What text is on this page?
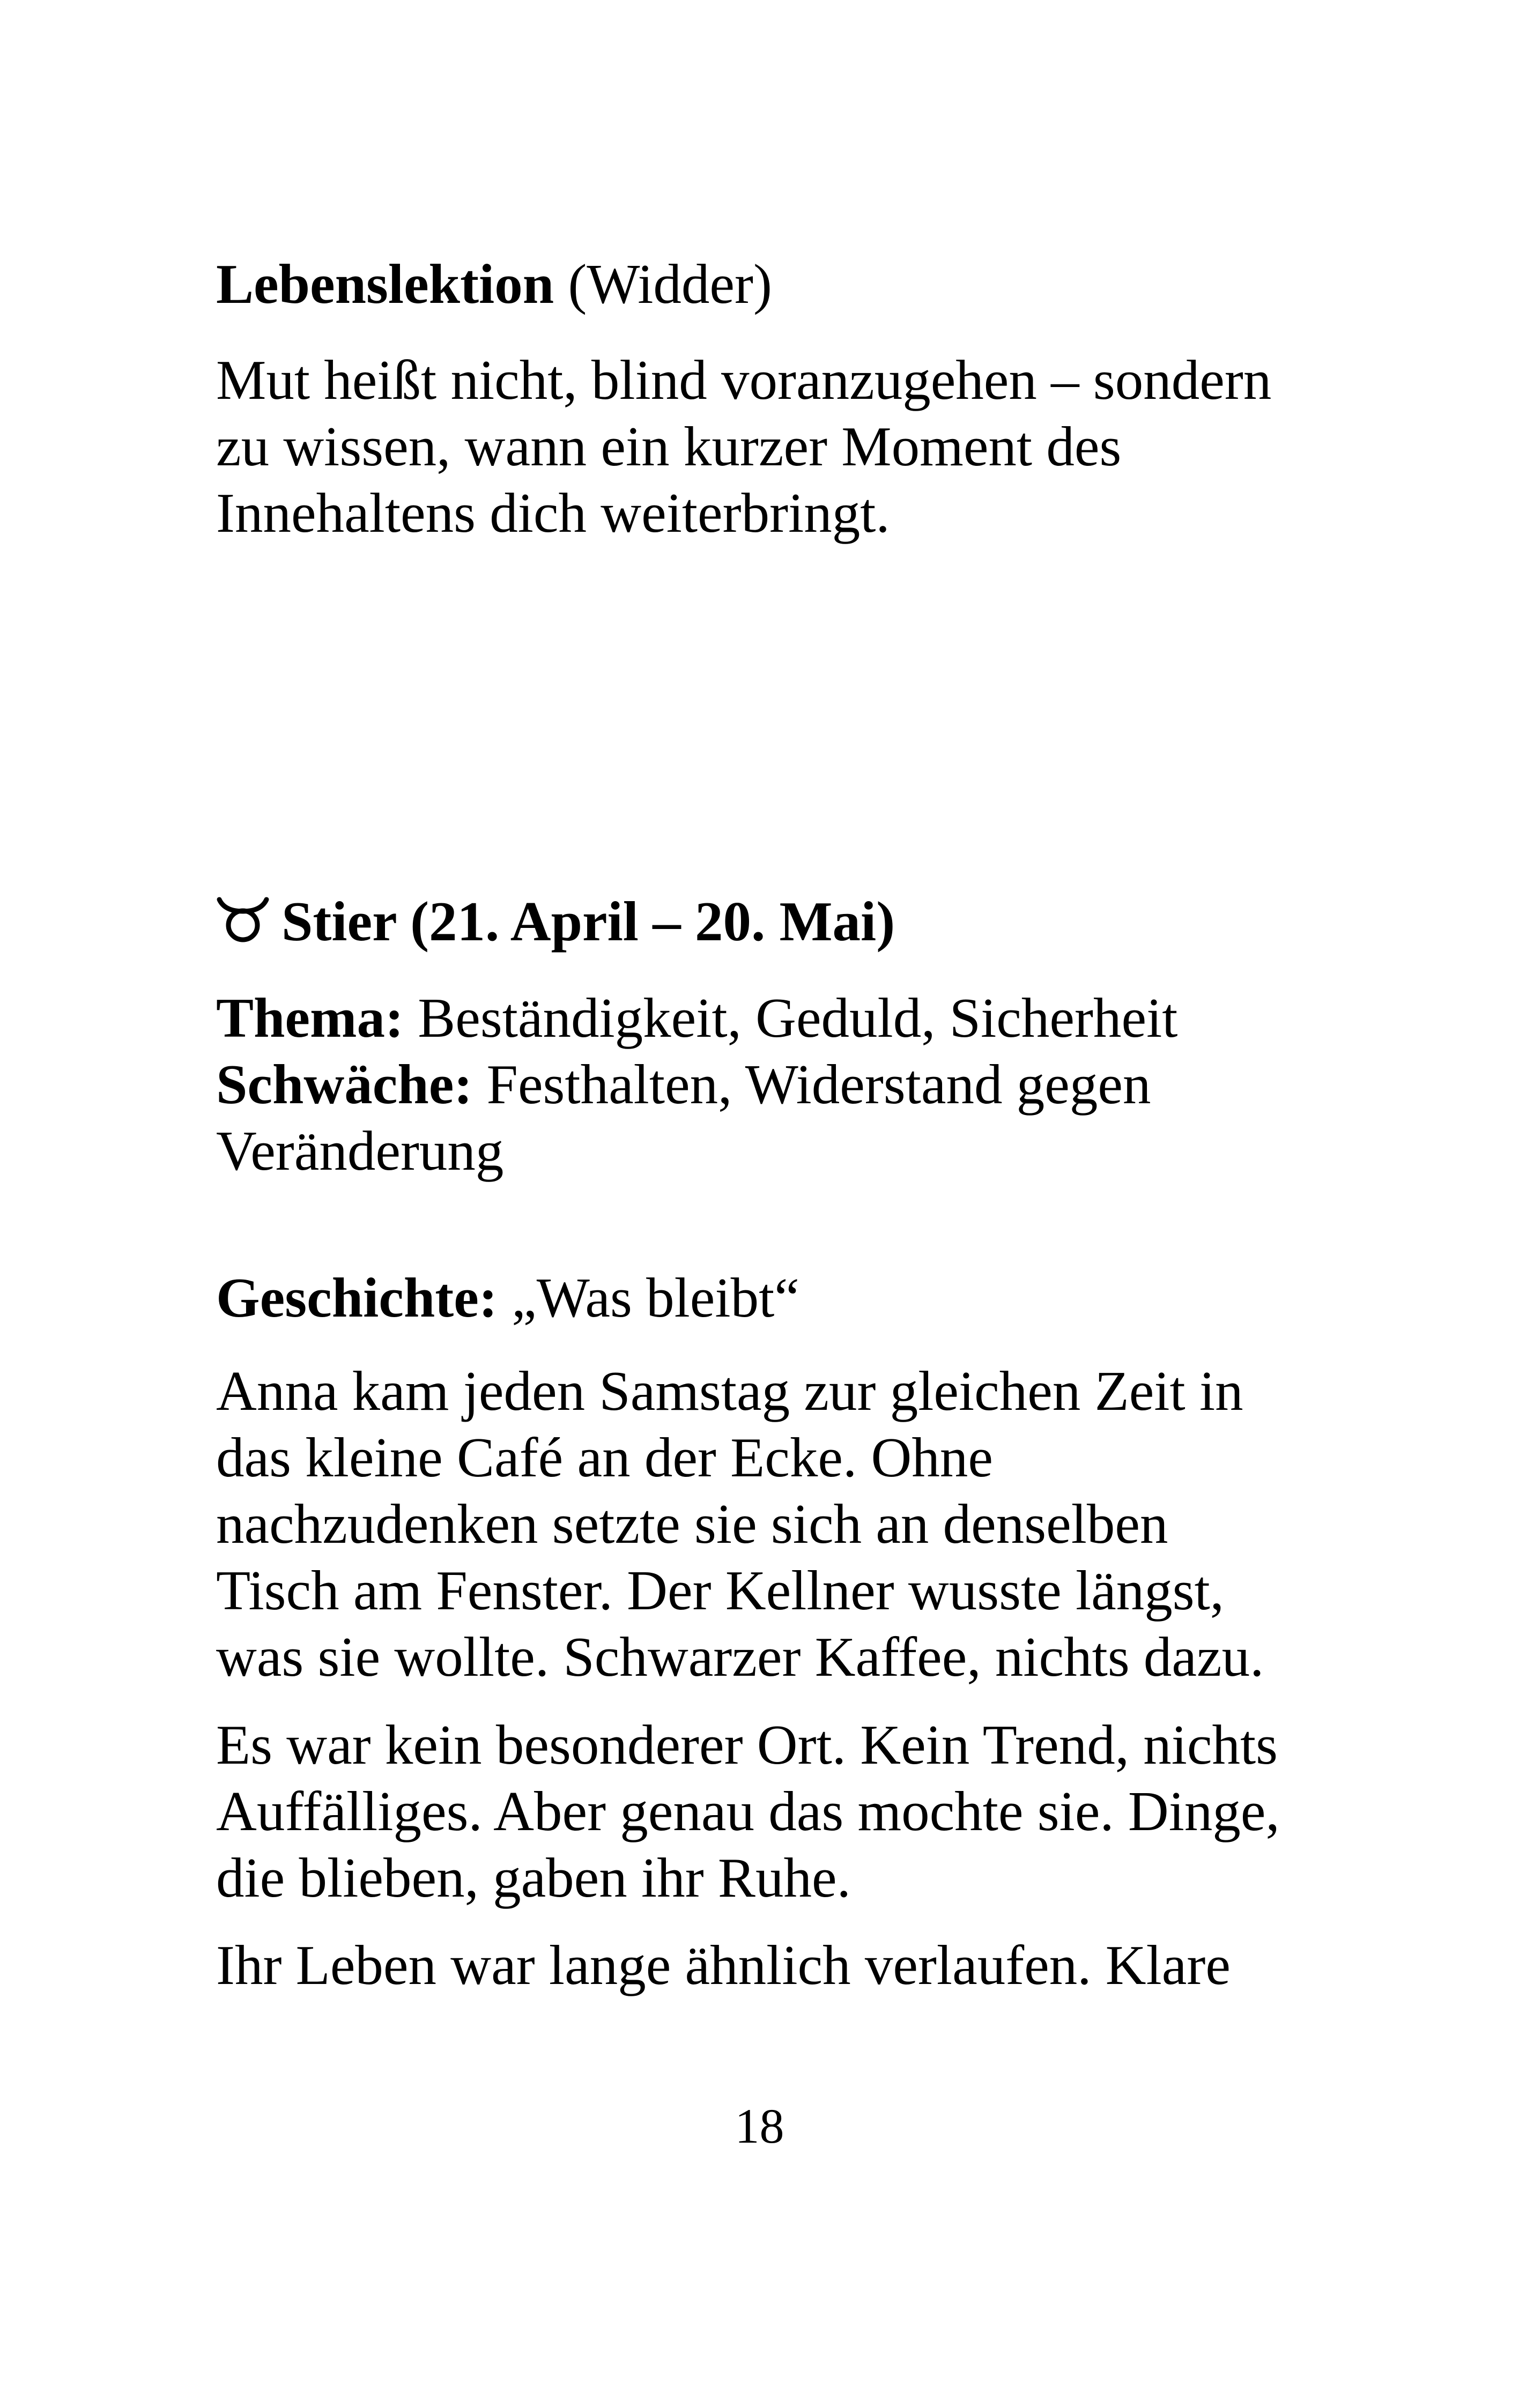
Lebenslektion (Widder)

Mut heißt nicht, blind voranzugehen – sondern

zu wissen, wann ein kurzer Moment des

Innehaltens dich weiterbringt.

Stier (21. April – 20. Mai)

Thema: Beständigkeit, Geduld, Sicherheit

Schwäche: Festhalten, Widerstand gegen

Veränderung

Geschichte: „Was bleibt“

Anna kam jeden Samstag zur gleichen Zeit in

das kleine Café an der Ecke. Ohne

nachzudenken setzte sie sich an denselben

Tisch am Fenster. Der Kellner wusste längst,

was sie wollte. Schwarzer Kaffee, nichts dazu.

Es war kein besonderer Ort. Kein Trend, nichts

Auffälliges. Aber genau das mochte sie. Dinge,

die blieben, gaben ihr Ruhe.

Ihr Leben war lange ähnlich verlaufen. Klare

18
